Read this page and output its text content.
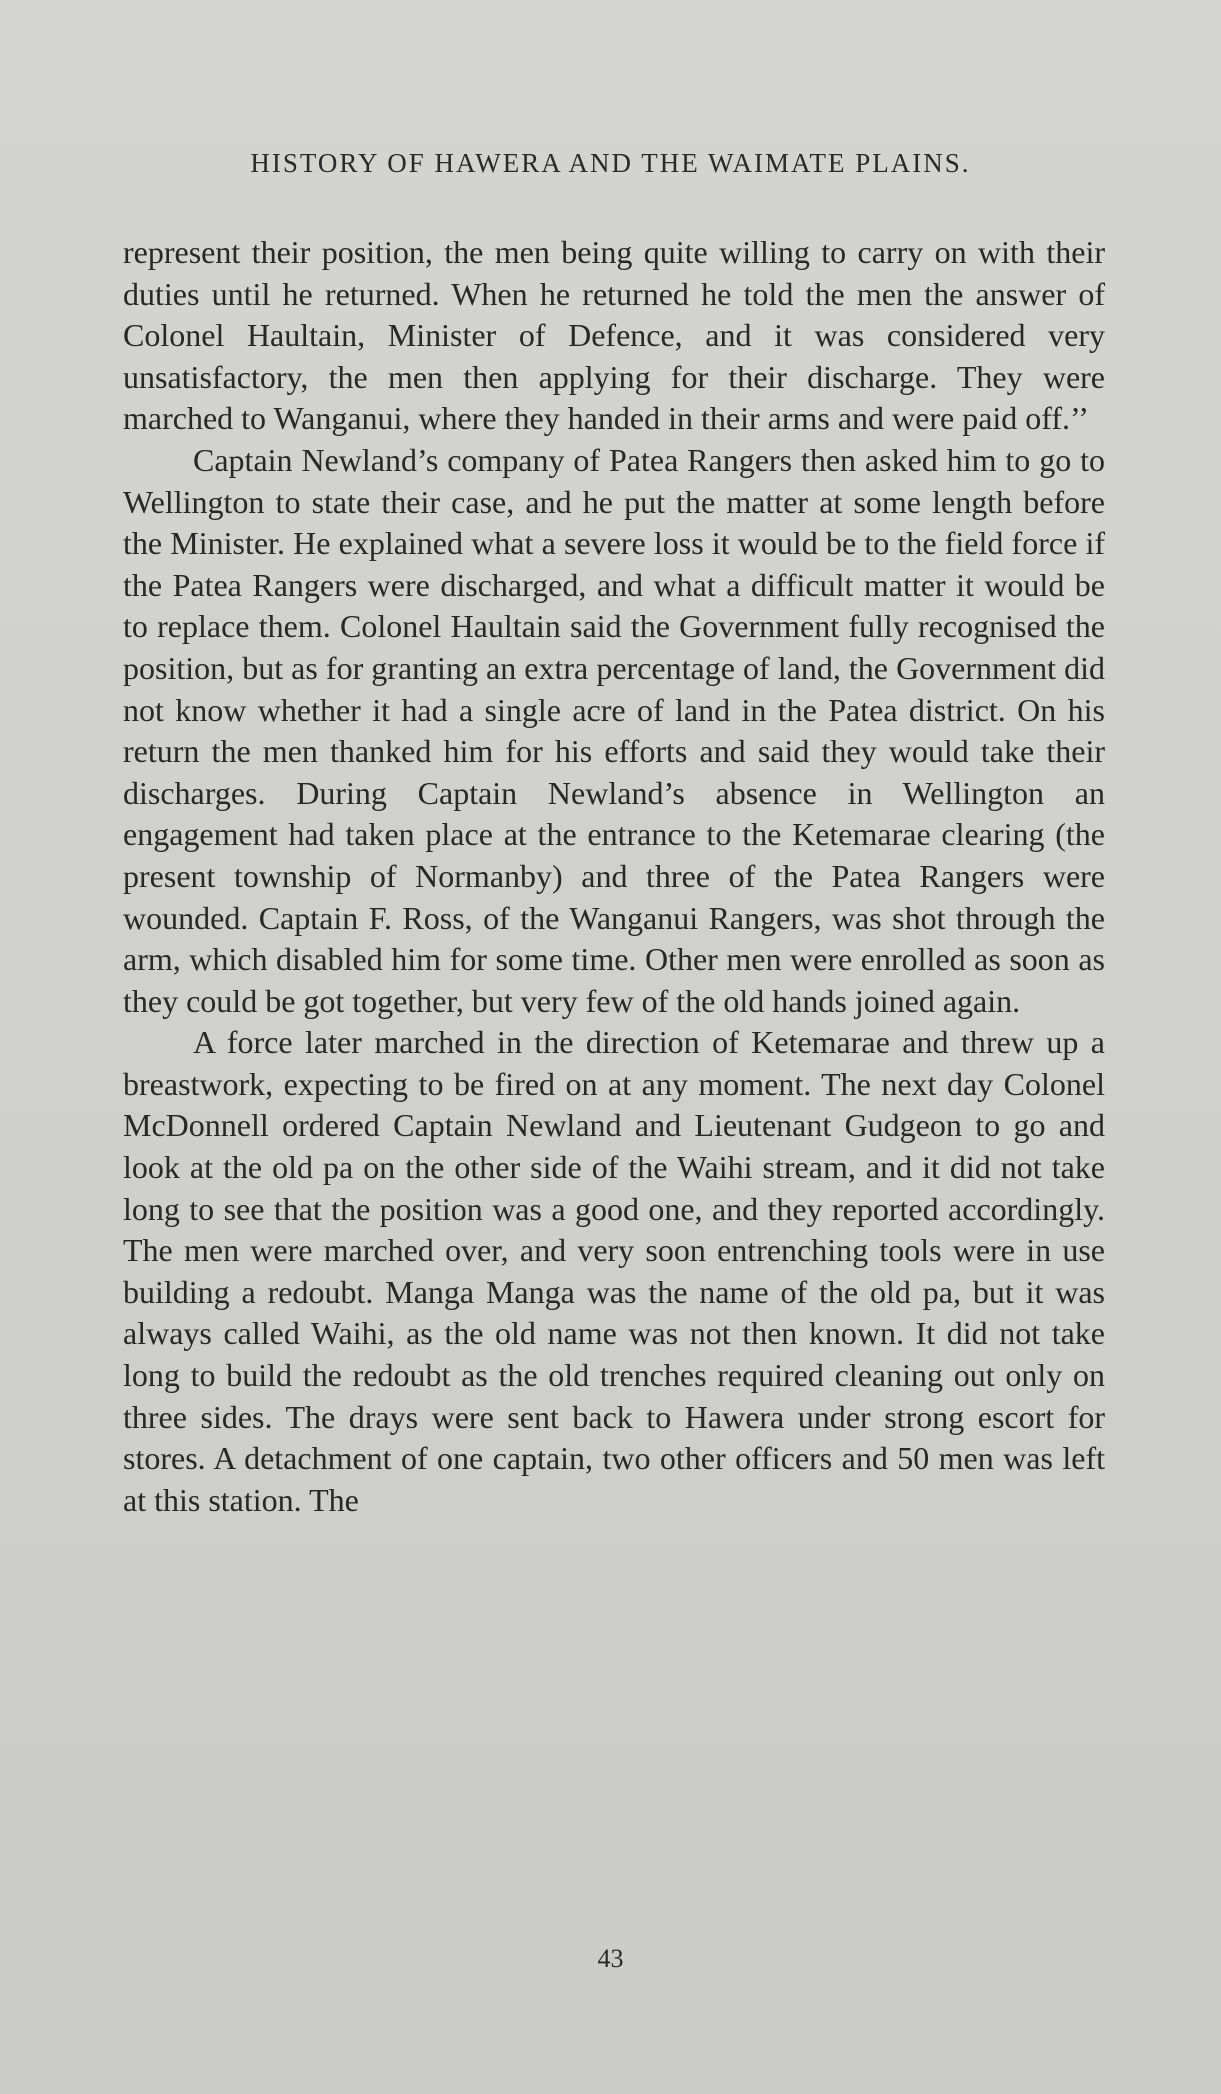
HISTORY OF HAWERA AND THE WAIMATE PLAINS.

represent their position, the men being quite willing to carry on with their duties until he returned. When he returned he told the men the answer of Colonel Haultain, Minister of Defence, and it was considered very unsatisfactory, the men then applying for their discharge. They were marched to Wanganui, where they handed in their arms and were paid off.’’

Captain Newland’s company of Patea Rangers then asked him to go to Wellington to state their case, and he put the matter at some length before the Minister. He explained what a severe loss it would be to the field force if the Patea Rangers were discharged, and what a difficult matter it would be to replace them. Colonel Haultain said the Government fully recognised the position, but as for granting an extra percentage of land, the Government did not know whether it had a single acre of land in the Patea district. On his return the men thanked him for his efforts and said they would take their discharges. During Captain Newland’s absence in Wellington an engagement had taken place at the entrance to the Ketemarae clearing (the present township of Normanby) and three of the Patea Rangers were wounded. Captain F. Ross, of the Wanganui Rangers, was shot through the arm, which disabled him for some time. Other men were enrolled as soon as they could be got together, but very few of the old hands joined again.

A force later marched in the direction of Ketemarae and threw up a breastwork, expecting to be fired on at any moment. The next day Colonel McDonnell ordered Captain Newland and Lieutenant Gudgeon to go and look at the old pa on the other side of the Waihi stream, and it did not take long to see that the position was a good one, and they reported accordingly. The men were marched over, and very soon entrenching tools were in use building a redoubt. Manga Manga was the name of the old pa, but it was always called Waihi, as the old name was not then known. It did not take long to build the redoubt as the old trenches required cleaning out only on three sides. The drays were sent back to Hawera under strong escort for stores. A detachment of one captain, two other officers and 50 men was left at this station. The

43
